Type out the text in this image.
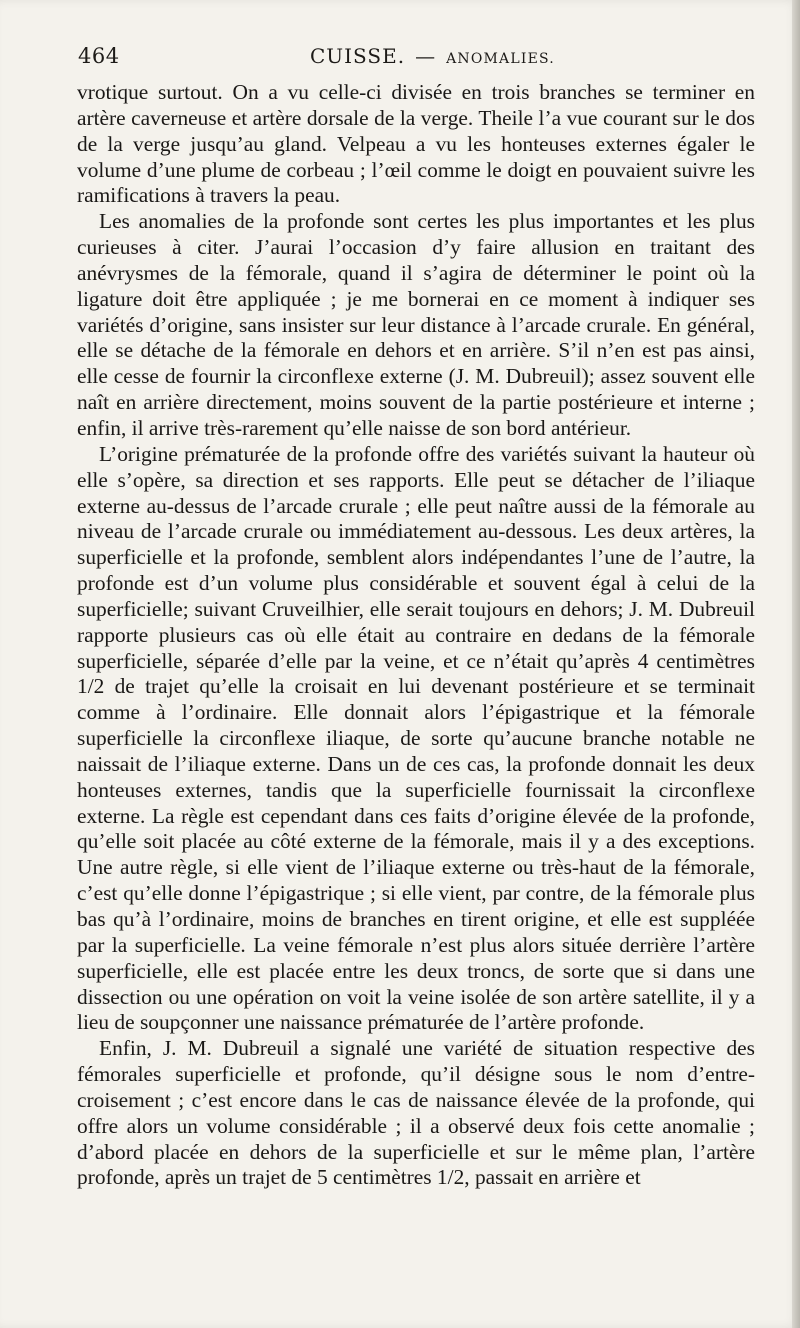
464	CUISSE. — ANOMALIES.

vrotique surtout. On a vu celle-ci divisée en trois branches se terminer en artère caverneuse et artère dorsale de la verge. Theile l’a vue courant sur le dos de la verge jusqu’au gland. Velpeau a vu les honteuses externes égaler le volume d’une plume de corbeau ; l’œil comme le doigt en pouvaient suivre les ramifications à travers la peau.

Les anomalies de la profonde sont certes les plus importantes et les plus curieuses à citer. J’aurai l’occasion d’y faire allusion en traitant des anévrysmes de la fémorale, quand il s’agira de déterminer le point où la ligature doit être appliquée ; je me bornerai en ce moment à indiquer ses variétés d’origine, sans insister sur leur distance à l’arcade crurale. En général, elle se détache de la fémorale en dehors et en arrière. S’il n’en est pas ainsi, elle cesse de fournir la circonflexe externe (J. M. Dubreuil); assez souvent elle naît en arrière directement, moins souvent de la partie postérieure et interne ; enfin, il arrive très-rarement qu’elle naisse de son bord antérieur.

L’origine prématurée de la profonde offre des variétés suivant la hauteur où elle s’opère, sa direction et ses rapports. Elle peut se détacher de l’iliaque externe au-dessus de l’arcade crurale ; elle peut naître aussi de la fémorale au niveau de l’arcade crurale ou immédiatement au-dessous. Les deux artères, la superficielle et la profonde, semblent alors indépendantes l’une de l’autre, la profonde est d’un volume plus considérable et souvent égal à celui de la superficielle; suivant Cruveilhier, elle serait toujours en dehors; J. M. Dubreuil rapporte plusieurs cas où elle était au contraire en dedans de la fémorale superficielle, séparée d’elle par la veine, et ce n’était qu’après 4 centimètres 1/2 de trajet qu’elle la croisait en lui devenant postérieure et se terminait comme à l’ordinaire. Elle donnait alors l’épigastrique et la fémorale superficielle la circonflexe iliaque, de sorte qu’aucune branche notable ne naissait de l’iliaque externe. Dans un de ces cas, la profonde donnait les deux honteuses externes, tandis que la superficielle fournissait la circonflexe externe. La règle est cependant dans ces faits d’origine élevée de la profonde, qu’elle soit placée au côté externe de la fémorale, mais il y a des exceptions. Une autre règle, si elle vient de l’iliaque externe ou très-haut de la fémorale, c’est qu’elle donne l’épigastrique ; si elle vient, par contre, de la fémorale plus bas qu’à l’ordinaire, moins de branches en tirent origine, et elle est suppléée par la superficielle. La veine fémorale n’est plus alors située derrière l’artère superficielle, elle est placée entre les deux troncs, de sorte que si dans une dissection ou une opération on voit la veine isolée de son artère satellite, il y a lieu de soupçonner une naissance prématurée de l’artère profonde.

Enfin, J. M. Dubreuil a signalé une variété de situation respective des fémorales superficielle et profonde, qu’il désigne sous le nom d’entre-croisement ; c’est encore dans le cas de naissance élevée de la profonde, qui offre alors un volume considérable ; il a observé deux fois cette anomalie ; d’abord placée en dehors de la superficielle et sur le même plan, l’artère profonde, après un trajet de 5 centimètres 1/2, passait en arrière et
